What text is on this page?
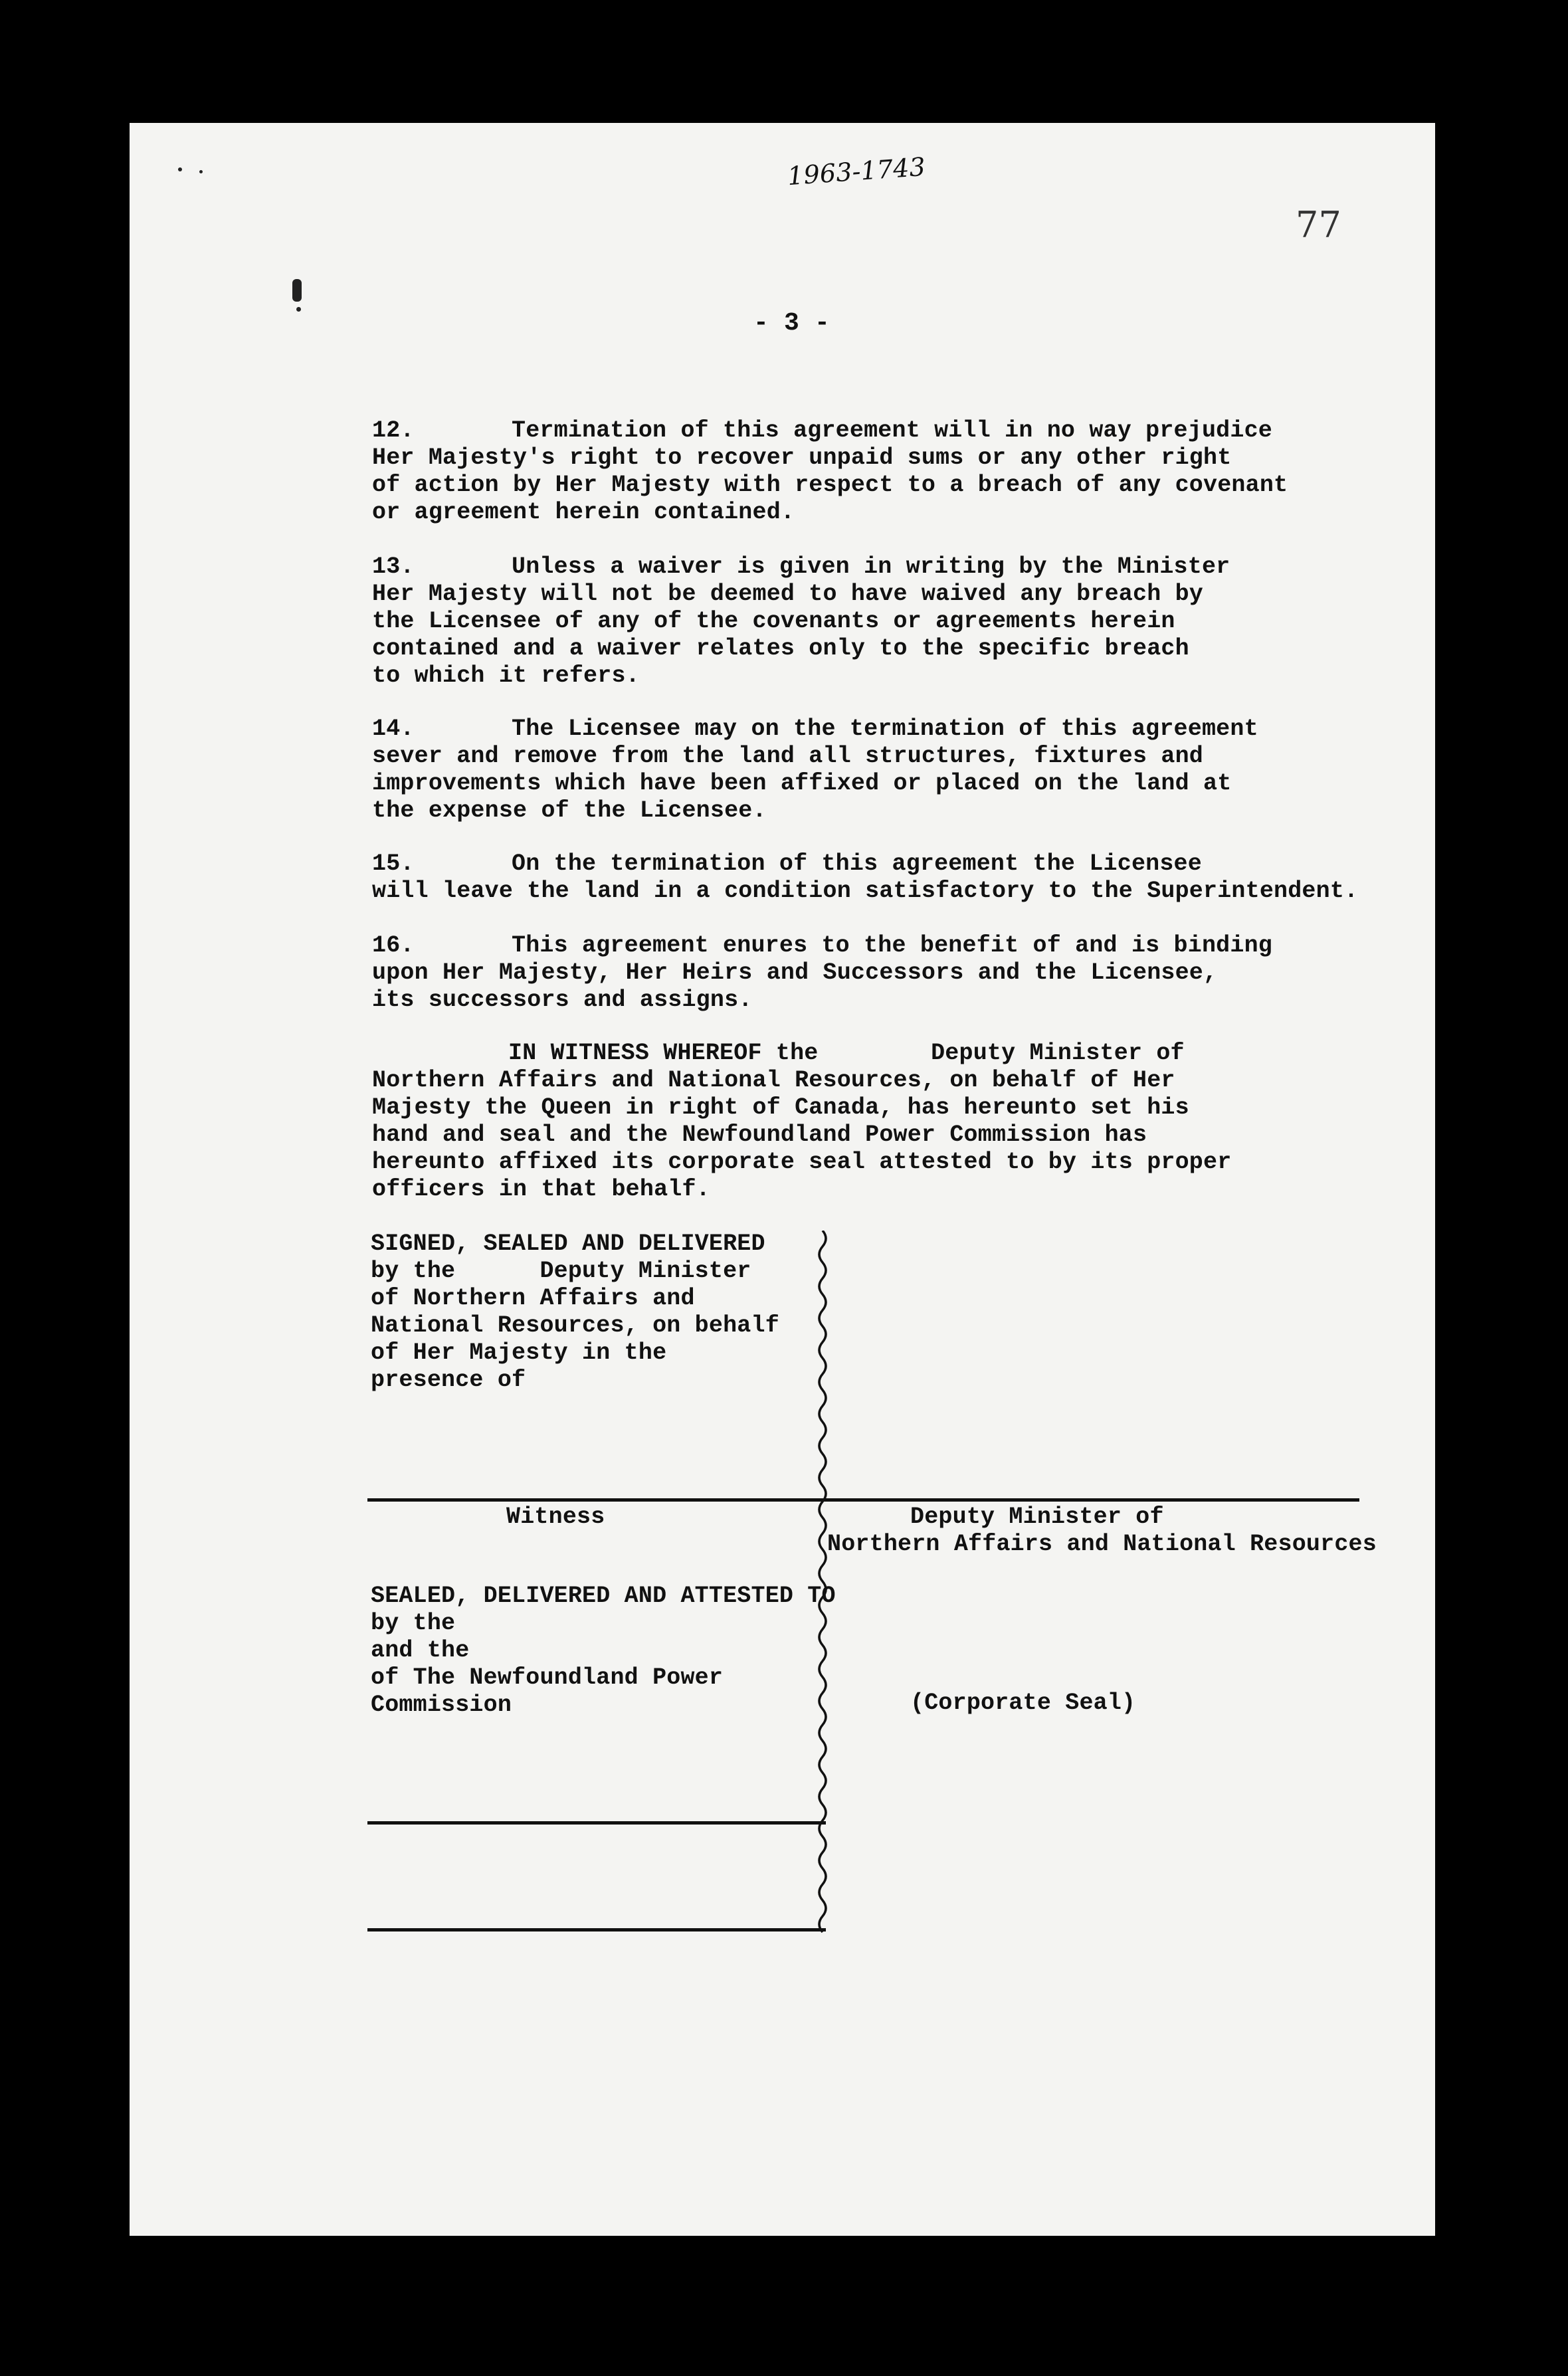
1963-1743
77
- 3 -
12.	Termination of this agreement will in no way prejudice
Her Majesty's right to recover unpaid sums or any other right
of action by Her Majesty with respect to a breach of any covenant
or agreement herein contained.
13.	Unless a waiver is given in writing by the Minister
Her Majesty will not be deemed to have waived any breach by
the Licensee of any of the covenants or agreements herein
contained and a waiver relates only to the specific breach
to which it refers.
14.	The Licensee may on the termination of this agreement
sever and remove from the land all structures, fixtures and
improvements which have been affixed or placed on the land at
the expense of the Licensee.
15.	On the termination of this agreement the Licensee
will leave the land in a condition satisfactory to the Superintendent.
16.	This agreement enures to the benefit of and is binding
upon Her Majesty, Her Heirs and Successors and the Licensee,
its successors and assigns.
IN WITNESS WHEREOF the        Deputy Minister of
Northern Affairs and National Resources, on behalf of Her
Majesty the Queen in right of Canada, has hereunto set his
hand and seal and the Newfoundland Power Commission has
hereunto affixed its corporate seal attested to by its proper
officers in that behalf.
SIGNED, SEALED AND DELIVERED
by the      Deputy Minister
of Northern Affairs and
National Resources, on behalf
of Her Majesty in the
presence of
Witness	Deputy Minister of
Northern Affairs and National Resources
SEALED, DELIVERED AND ATTESTED TO
by the
and the
of The Newfoundland Power
Commission	(Corporate Seal)
